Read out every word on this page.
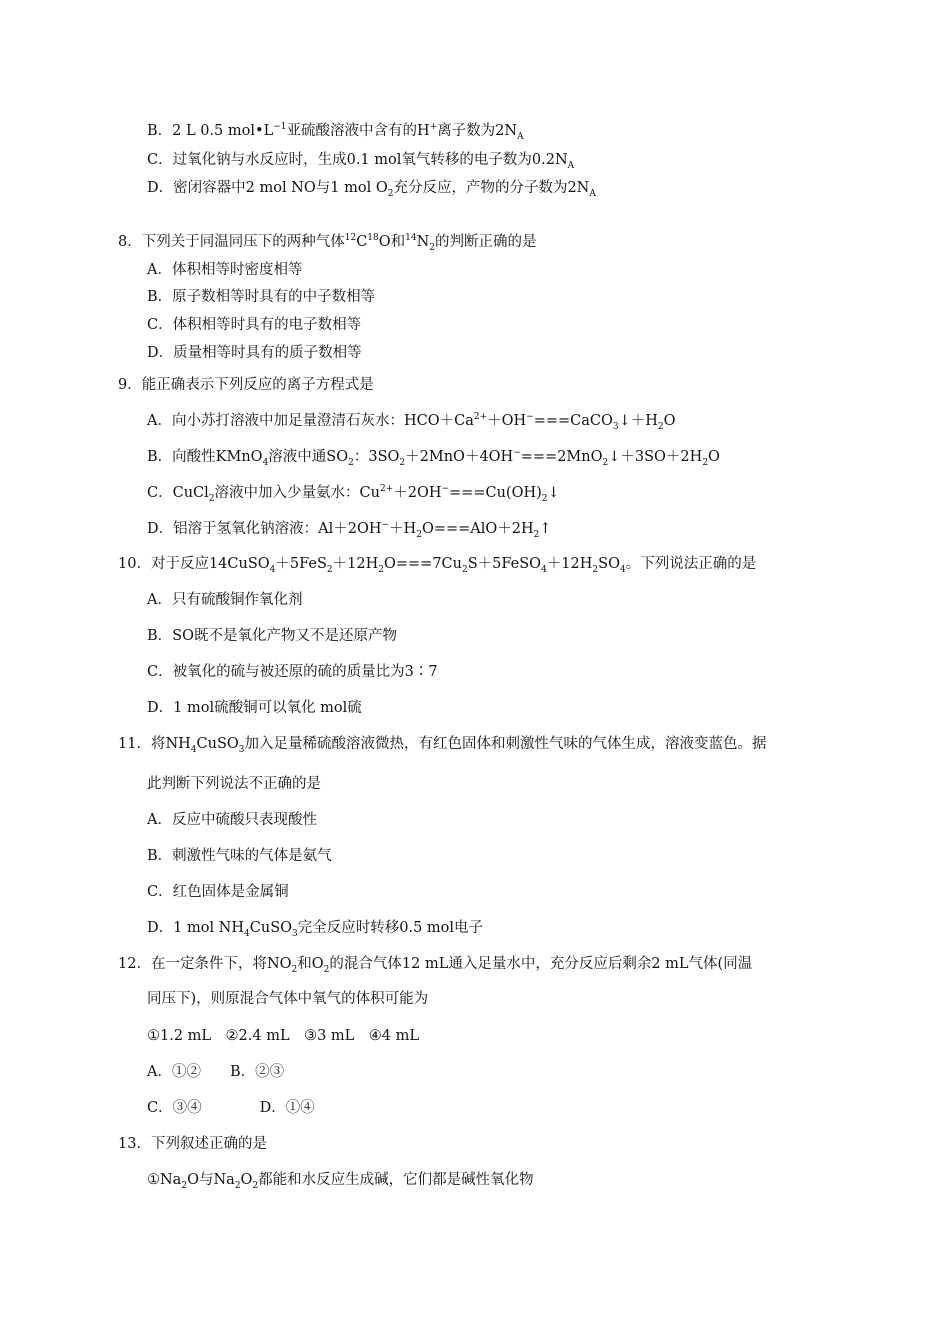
B．2 L 0.5 $mol•L^{-1}$亚硫酸溶液中含有的H+离子数为$2N_A$
C．过氧化钠与水反应时，生成0.1 mol氧气转移的电子数为$0.2N_A$
D．密闭容器中2 mol NO与1 mol $O_2$充分反应，产物的分子数为$2N_A$
8．下列关于同温同压下的两种气体$^{12}C^{18}O$和$^{14}N_2$的判断正确的是
A．体积相等时密度相等
B．原子数相等时具有的中子数相等
C．体积相等时具有的电子数相等
D．质量相等时具有的质子数相等
9．能正确表示下列反应的离子方程式是
A．向小苏打溶液中加足量澄清石灰水：$HCO+Ca^{2+}+OH^-===CaCO_3↓+H_2O$
B．向酸性KMnO$_4$溶液中通$SO_2$：$3SO_2+2MnO+4OH^-===2MnO_2↓+3SO+2H_2O$
C．CuCl$_2$溶液中加入少量氨水：$Cu^{2+}+2OH^-===Cu(OH)_2↓$
D．铝溶于氢氧化钠溶液：$Al+2OH^-+H_2O===AlO+2H_2↑$
10．对于反应$14CuSO_4+5FeS_2+12H_2O===7Cu_2S+5FeSO_4+12H_2SO_4$。下列说法正确的是
A．只有硫酸铜作氧化剂
B．SO既不是氧化产物又不是还原产物
C．被氧化的硫与被还原的硫的质量比为3∶7
D．1 mol硫酸铜可以氧化 mol硫
11．将$NH_4CuSO_3$加入足量稀硫酸溶液微热，有红色固体和刺激性气味的气体生成，溶液变蓝色。据
此判断下列说法不正确的是
A．反应中硫酸只表现酸性
B．刺激性气味的气体是氨气
C．红色固体是金属铜
D．1 mol $NH_4CuSO_3$完全反应时转移0.5 mol电子
12．在一定条件下，将$NO_2$和$O_2$的混合气体12 mL通入足量水中，充分反应后剩余2 mL气体(同温
同压下)，则原混合气体中氧气的体积可能为
①1.2 mL　②2.4 mL　③3 mL　④4 mL
A．①②　　B．②③
C．③④　　　　D．①④
13．下列叙述正确的是
$①Na_2O$与$Na_2O_2$都能和水反应生成碱，它们都是碱性氧化物
